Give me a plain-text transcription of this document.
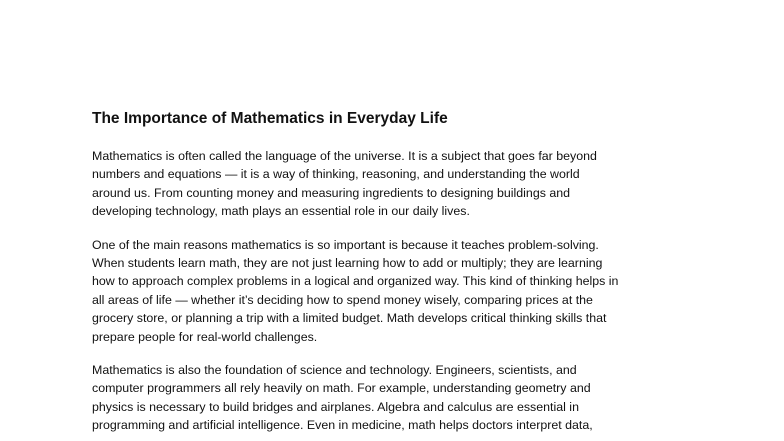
The Importance of Mathematics in Everyday Life

Mathematics is often called the language of the universe. It is a subject that goes far beyond
numbers and equations — it is a way of thinking, reasoning, and understanding the world
around us. From counting money and measuring ingredients to designing buildings and
developing technology, math plays an essential role in our daily lives.

One of the main reasons mathematics is so important is because it teaches problem-solving.
When students learn math, they are not just learning how to add or multiply; they are learning
how to approach complex problems in a logical and organized way. This kind of thinking helps in
all areas of life — whether it’s deciding how to spend money wisely, comparing prices at the
grocery store, or planning a trip with a limited budget. Math develops critical thinking skills that
prepare people for real-world challenges.

Mathematics is also the foundation of science and technology. Engineers, scientists, and
computer programmers all rely heavily on math. For example, understanding geometry and
physics is necessary to build bridges and airplanes. Algebra and calculus are essential in
programming and artificial intelligence. Even in medicine, math helps doctors interpret data,
